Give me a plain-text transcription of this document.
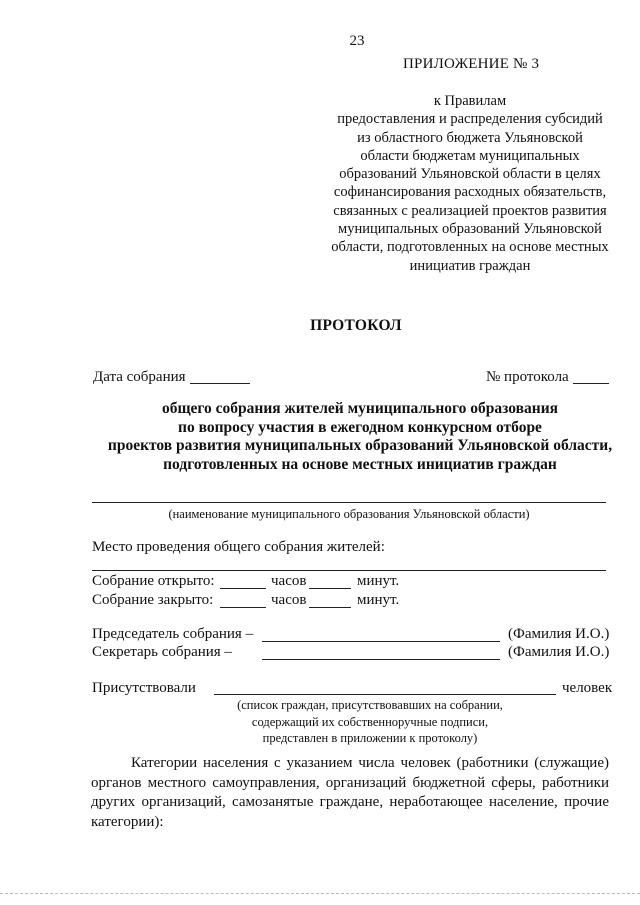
23
ПРИЛОЖЕНИЕ № 3
к Правилам
предоставления и распределения субсидий
из областного бюджета Ульяновской
области бюджетам муниципальных
образований Ульяновской области в целях
софинансирования расходных обязательств,
связанных с реализацией проектов развития
муниципальных образований Ульяновской
области, подготовленных на основе местных
инициатив граждан
ПРОТОКОЛ
Дата собрания	№ протокола
общего собрания жителей муниципального образования
по вопросу участия в ежегодном конкурсном отборе
проектов развития муниципальных образований Ульяновской области,
подготовленных на основе местных инициатив граждан
(наименование муниципального образования Ульяновской области)
Место проведения общего собрания жителей:
Собрание открыто:	часов	минут.
Собрание закрыто:	часов	минут.
Председатель собрания –	(Фамилия И.О.)
Секретарь собрания –	(Фамилия И.О.)
Присутствовали	человек
(список граждан, присутствовавших на собрании,
содержащий их собственноручные подписи,
представлен в приложении к протоколу)
Категории населения с указанием числа человек (работники (служащие) органов местного самоуправления, организаций бюджетной сферы, работники других организаций, самозанятые граждане, неработающее население, прочие категории):
